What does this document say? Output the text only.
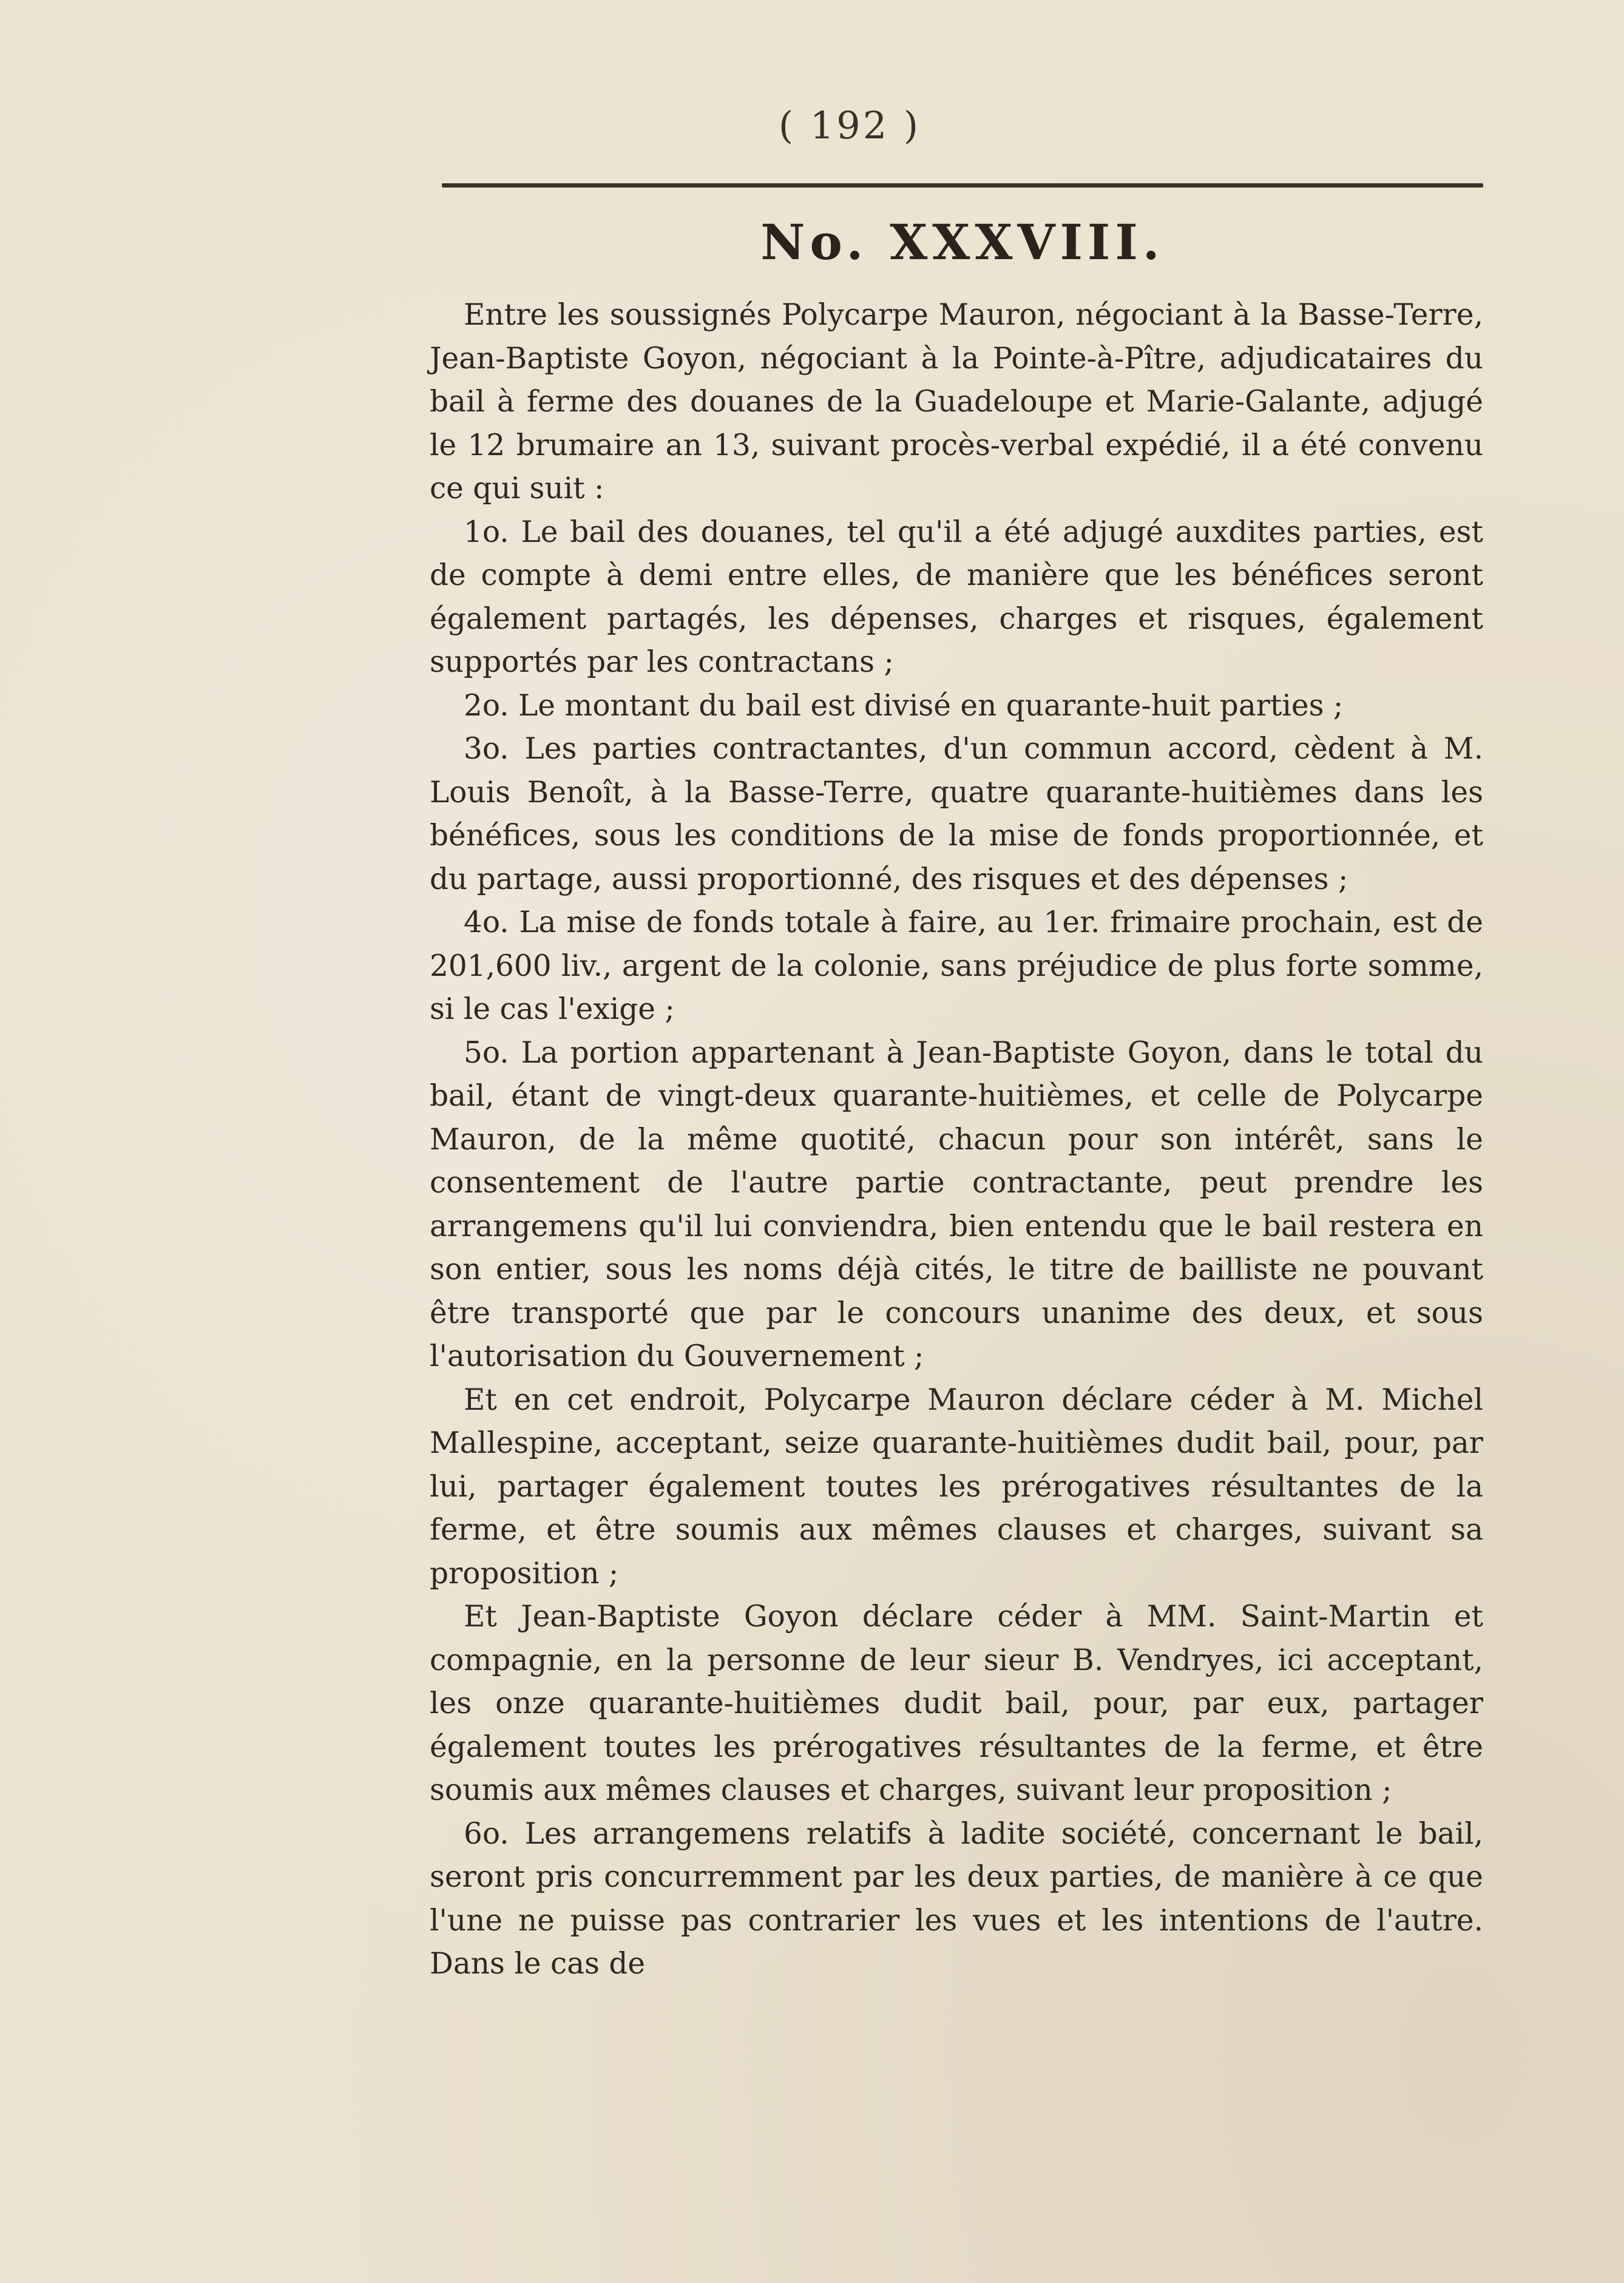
( 192 )
No. XXXVIII.

Entre les soussignés Polycarpe Mauron, négociant à la Basse-Terre, Jean-Baptiste Goyon, négociant à la Pointe-à-Pître, adjudicataires du bail à ferme des douanes de la Guadeloupe et Marie-Galante, adjugé le 12 brumaire an 13, suivant procès-verbal expédié, il a été convenu ce qui suit :

1o. Le bail des douanes, tel qu'il a été adjugé auxdites parties, est de compte à demi entre elles, de manière que les bénéfices seront également partagés, les dépenses, charges et risques, également supportés par les contractans ;

2o. Le montant du bail est divisé en quarante-huit parties ;

3o. Les parties contractantes, d'un commun accord, cèdent à M. Louis Benoît, à la Basse-Terre, quatre quarante-huitièmes dans les bénéfices, sous les conditions de la mise de fonds proportionnée, et du partage, aussi proportionné, des risques et des dépenses ;

4o. La mise de fonds totale à faire, au 1er. frimaire prochain, est de 201,600 liv., argent de la colonie, sans préjudice de plus forte somme, si le cas l'exige ;

5o. La portion appartenant à Jean-Baptiste Goyon, dans le total du bail, étant de vingt-deux quarante-huitièmes, et celle de Polycarpe Mauron, de la même quotité, chacun pour son intérêt, sans le consentement de l'autre partie contractante, peut prendre les arrangemens qu'il lui conviendra, bien entendu que le bail restera en son entier, sous les noms déjà cités, le titre de bailliste ne pouvant être transporté que par le concours unanime des deux, et sous l'autorisation du Gouvernement ;

Et en cet endroit, Polycarpe Mauron déclare céder à M. Michel Mallespine, acceptant, seize quarante-huitièmes dudit bail, pour, par lui, partager également toutes les prérogatives résultantes de la ferme, et être soumis aux mêmes clauses et charges, suivant sa proposition ;

Et Jean-Baptiste Goyon déclare céder à MM. Saint-Martin et compagnie, en la personne de leur sieur B. Vendryes, ici acceptant, les onze quarante-huitièmes dudit bail, pour, par eux, partager également toutes les prérogatives résultantes de la ferme, et être soumis aux mêmes clauses et charges, suivant leur proposition ;

6o. Les arrangemens relatifs à ladite société, concernant le bail, seront pris concurremment par les deux parties, de manière à ce que l'une ne puisse pas contrarier les vues et les intentions de l'autre. Dans le cas de
